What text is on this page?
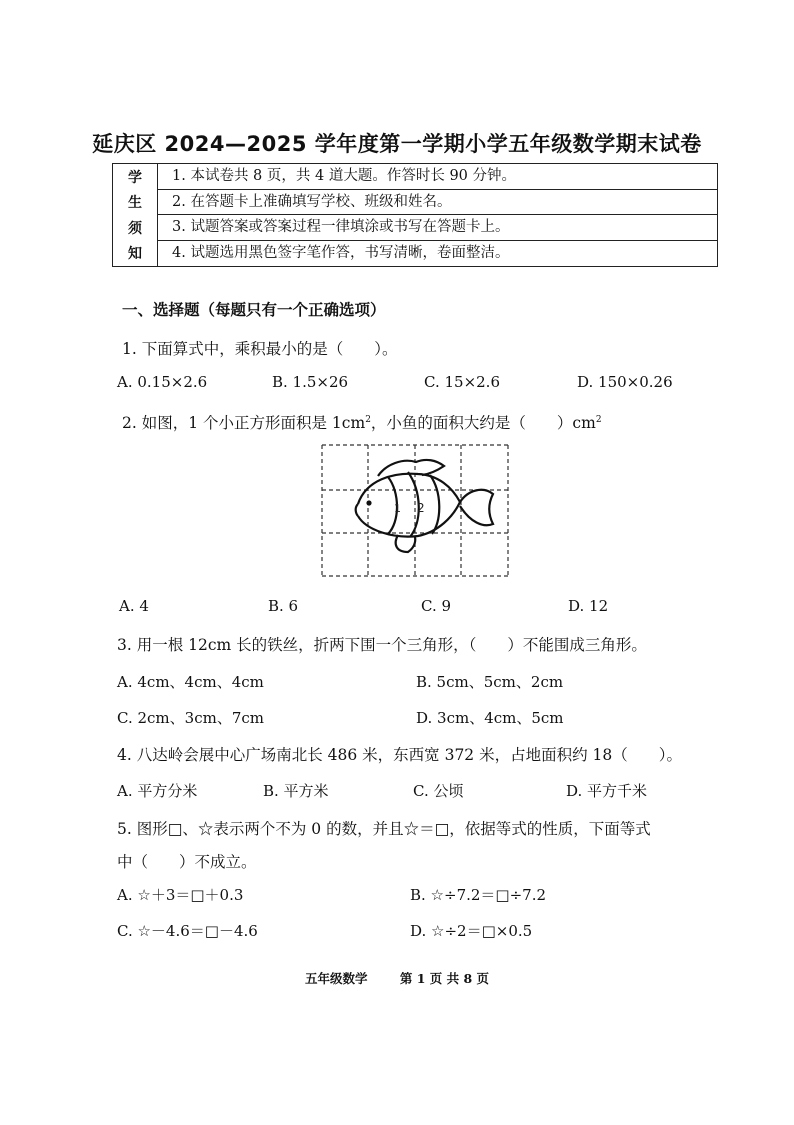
延庆区 2024—2025 学年度第一学期小学五年级数学期末试卷
学
生
须
知
1. 本试卷共 8 页，共 4 道大题。作答时长 90 分钟。
2. 在答题卡上准确填写学校、班级和姓名。
3. 试题答案或答案过程一律填涂或书写在答题卡上。
4. 试题选用黑色签字笔作答，书写清晰，卷面整洁。
一、选择题（每题只有一个正确选项）
1. 下面算式中，乘积最小的是（　　）。
A. 0.15×2.6	B. 1.5×26	C. 15×2.6	D. 150×0.26
2. 如图，1 个小正方形面积是 $1cm^2$，小鱼的面积大约是（　　）$cm^2$
1 2
A. 4	B. 6	C. 9	D. 12
3. 用一根 12cm 长的铁丝，折两下围一个三角形，（　　）不能围成三角形。
A. 4cm、4cm、4cm	B. 5cm、5cm、2cm
C. 2cm、3cm、7cm	D. 3cm、4cm、5cm
4. 八达岭会展中心广场南北长 486 米，东西宽 372 米，占地面积约 18（　　）。
A. 平方分米	B. 平方米	C. 公顷	D. 平方千米
5. 图形□、☆表示两个不为 0 的数，并且☆＝□，依据等式的性质，下面等式
中（　　）不成立。
A. ☆＋3＝□＋0.3	B. ☆÷7.2＝□÷7.2
C. ☆－4.6＝□－4.6	D. ☆÷2＝□×0.5
五年级数学	第 1 页 共 8 页
